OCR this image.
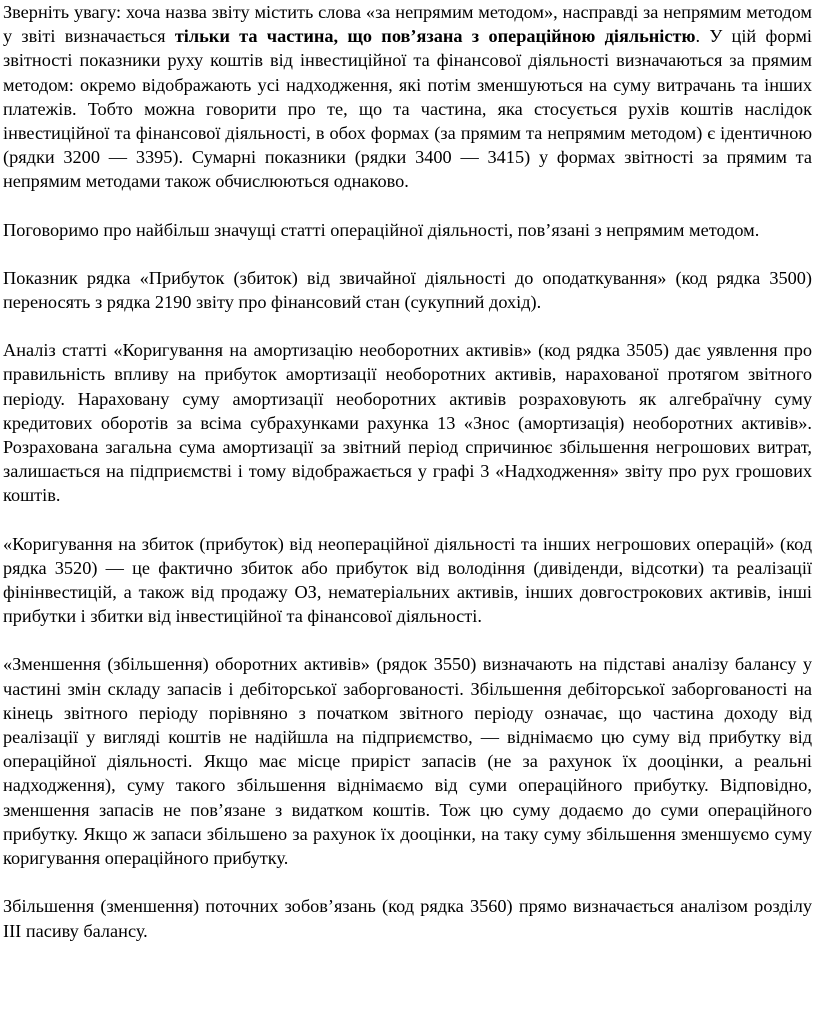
Зверніть увагу: хоча назва звіту містить слова «за непрямим методом», насправді за непрямим методом у звіті визначається тільки та частина, що пов’язана з операційною діяльністю. У цій формі звітності показники руху коштів від інвестиційної та фінансової діяльності визначаються за прямим методом: окремо відображають усі надходження, які потім зменшуються на суму витрачань та інших платежів. Тобто можна говорити про те, що та частина, яка стосується рухів коштів наслідок інвестиційної та фінансової діяльності, в обох формах (за прямим та непрямим методом) є ідентичною (рядки 3200 — 3395). Сумарні показники (рядки 3400 — 3415) у формах звітності за прямим та непрямим методами також обчислюються однаково.

Поговоримо про найбільш значущі статті операційної діяльності, пов’язані з непрямим методом.

Показник рядка «Прибуток (збиток) від звичайної діяльності до оподаткування» (код рядка 3500) переносять з рядка 2190 звіту про фінансовий стан (сукупний дохід).

Аналіз статті «Коригування на амортизацію необоротних активів» (код рядка 3505) дає уявлення про правильність впливу на прибуток амортизації необоротних активів, нарахованої протягом звітного періоду. Нараховану суму амортизації необоротних активів розраховують як алгебраїчну суму кредитових оборотів за всіма субрахунками рахунка 13 «Знос (амортизація) необоротних активів». Розрахована загальна сума амортизації за звітний період спричинює збільшення негрошових витрат, залишається на підприємстві і тому відображається у графі 3 «Надходження» звіту про рух грошових коштів.

«Коригування на збиток (прибуток) від неопераційної діяльності та інших негрошових операцій» (код рядка 3520) — це фактично збиток або прибуток від володіння (дивіденди, відсотки) та реалізації фінінвестицій, а також від продажу ОЗ, нематеріальних активів, інших довгострокових активів, інші прибутки і збитки від інвестиційної та фінансової діяльності.

«Зменшення (збільшення) оборотних активів» (рядок 3550) визначають на підставі аналізу балансу у частині змін складу запасів і дебіторської заборгованості. Збільшення дебіторської заборгованості на кінець звітного періоду порівняно з початком звітного періоду означає, що частина доходу від реалізації у вигляді коштів не надійшла на підприємство, — віднімаємо цю суму від прибутку від операційної діяльності. Якщо має місце приріст запасів (не за рахунок їх дооцінки, а реальні надходження), суму такого збільшення віднімаємо від суми операційного прибутку. Відповідно, зменшення запасів не пов’язане з видатком коштів. Тож цю суму додаємо до суми операційного прибутку. Якщо ж запаси збільшено за рахунок їх дооцінки, на таку суму збільшення зменшуємо суму коригування операційного прибутку.

Збільшення (зменшення) поточних зобов’язань (код рядка 3560) прямо визначається аналізом розділу III пасиву балансу.
